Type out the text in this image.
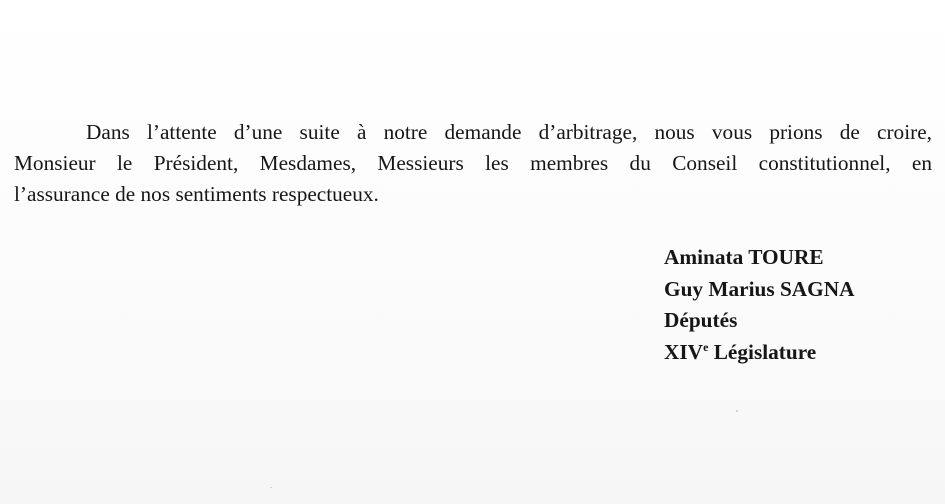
Dans l’attente d’une suite à notre demande d’arbitrage, nous vous prions de croire,
Monsieur le Président, Mesdames, Messieurs les membres du Conseil constitutionnel, en
l’assurance de nos sentiments respectueux.
Aminata TOURE
Guy Marius SAGNA
Députés
XIVe Législature
